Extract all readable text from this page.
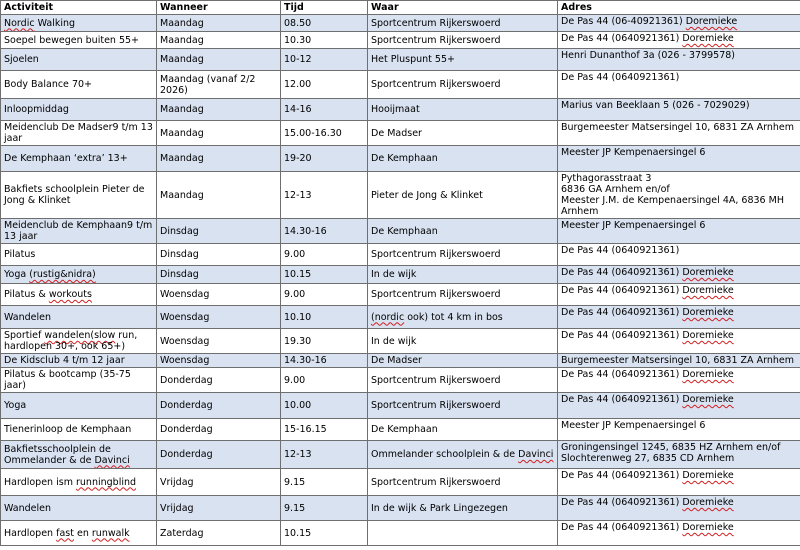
Activiteit	Wanneer	Tijd	Waar	Adres
Nordic Walking	Maandag	08.50	Sportcentrum Rijkerswoerd	De Pas 44 (06-40921361) Doremieke

Soepel bewegen buiten 55+	Maandag	10.30	Sportcentrum Rijkerswoerd	De Pas 44 (0640921361) Doremieke

Sjoelen	Maandag	10-12	Het Pluspunt 55+	Henri Dunanthof 3a (026 - 3799578)

Body Balance 70+	Maandag (vanaf 2/2 2026)	12.00	Sportcentrum Rijkerswoerd	De Pas 44 (0640921361)

Inloopmiddag	Maandag	14-16	Hooijmaat	Marius van Beeklaan 5 (026 - 7029029)

Meidenclub De Madser9 t/m 13 jaar	Maandag	15.00-16.30	De Madser	Burgemeester Matsersingel 10, 6831 ZA Arnhem

De Kemphaan ‘extra’ 13+	Maandag	19-20	De Kemphaan	Meester JP Kempenaersingel 6

Bakfiets schoolplein Pieter de Jong & Klinket	Maandag	12-13	Pieter de Jong & Klinket	Pythagorasstraat 3
6836 GA Arnhem en/of
Meester J.M. de Kempenaersingel 4A, 6836 MH Arnhem

Meidenclub de Kemphaan9 t/m 13 jaar	Dinsdag	14.30-16	De Kemphaan	Meester JP Kempenaersingel 6

Pilatus	Dinsdag	9.00	Sportcentrum Rijkerswoerd	De Pas 44 (0640921361)

Yoga (rustig&nidra)	Dinsdag	10.15	In de wijk	De Pas 44 (0640921361) Doremieke

Pilatus & workouts	Woensdag	9.00	Sportcentrum Rijkerswoerd	De Pas 44 (0640921361) Doremieke

Wandelen	Woensdag	10.10	(nordic ook) tot 4 km in bos	De Pas 44 (0640921361) Doremieke

Sportief wandelen(slow run, hardlopen 30+, ook 65+)	Woensdag	19.30	In de wijk	De Pas 44 (0640921361) Doremieke

De Kidsclub 4 t/m 12 jaar	Woensdag	14.30-16	De Madser	Burgemeester Matsersingel 10, 6831 ZA Arnhem

Pilatus & bootcamp (35-75 jaar)	Donderdag	9.00	Sportcentrum Rijkerswoerd	De Pas 44 (0640921361) Doremieke

Yoga	Donderdag	10.00	Sportcentrum Rijkerswoerd	De Pas 44 (0640921361) Doremieke

Tienerinloop de Kemphaan	Donderdag	15-16.15	De Kemphaan	Meester JP Kempenaersingel 6

Bakfietsschoolplein de Ommelander & de Davinci	Donderdag	12-13	Ommelander schoolplein & de Davinci	Groningensingel 1245, 6835 HZ Arnhem en/of
Slochterenweg 27, 6835 CD Arnhem

Hardlopen ism runningblind	Vrijdag	9.15	Sportcentrum Rijkerswoerd	De Pas 44 (0640921361) Doremieke

Wandelen	Vrijdag	9.15	In de wijk & Park Lingezegen	De Pas 44 (0640921361) Doremieke

Hardlopen fast en runwalk	Zaterdag	10.15		De Pas 44 (0640921361) Doremieke
